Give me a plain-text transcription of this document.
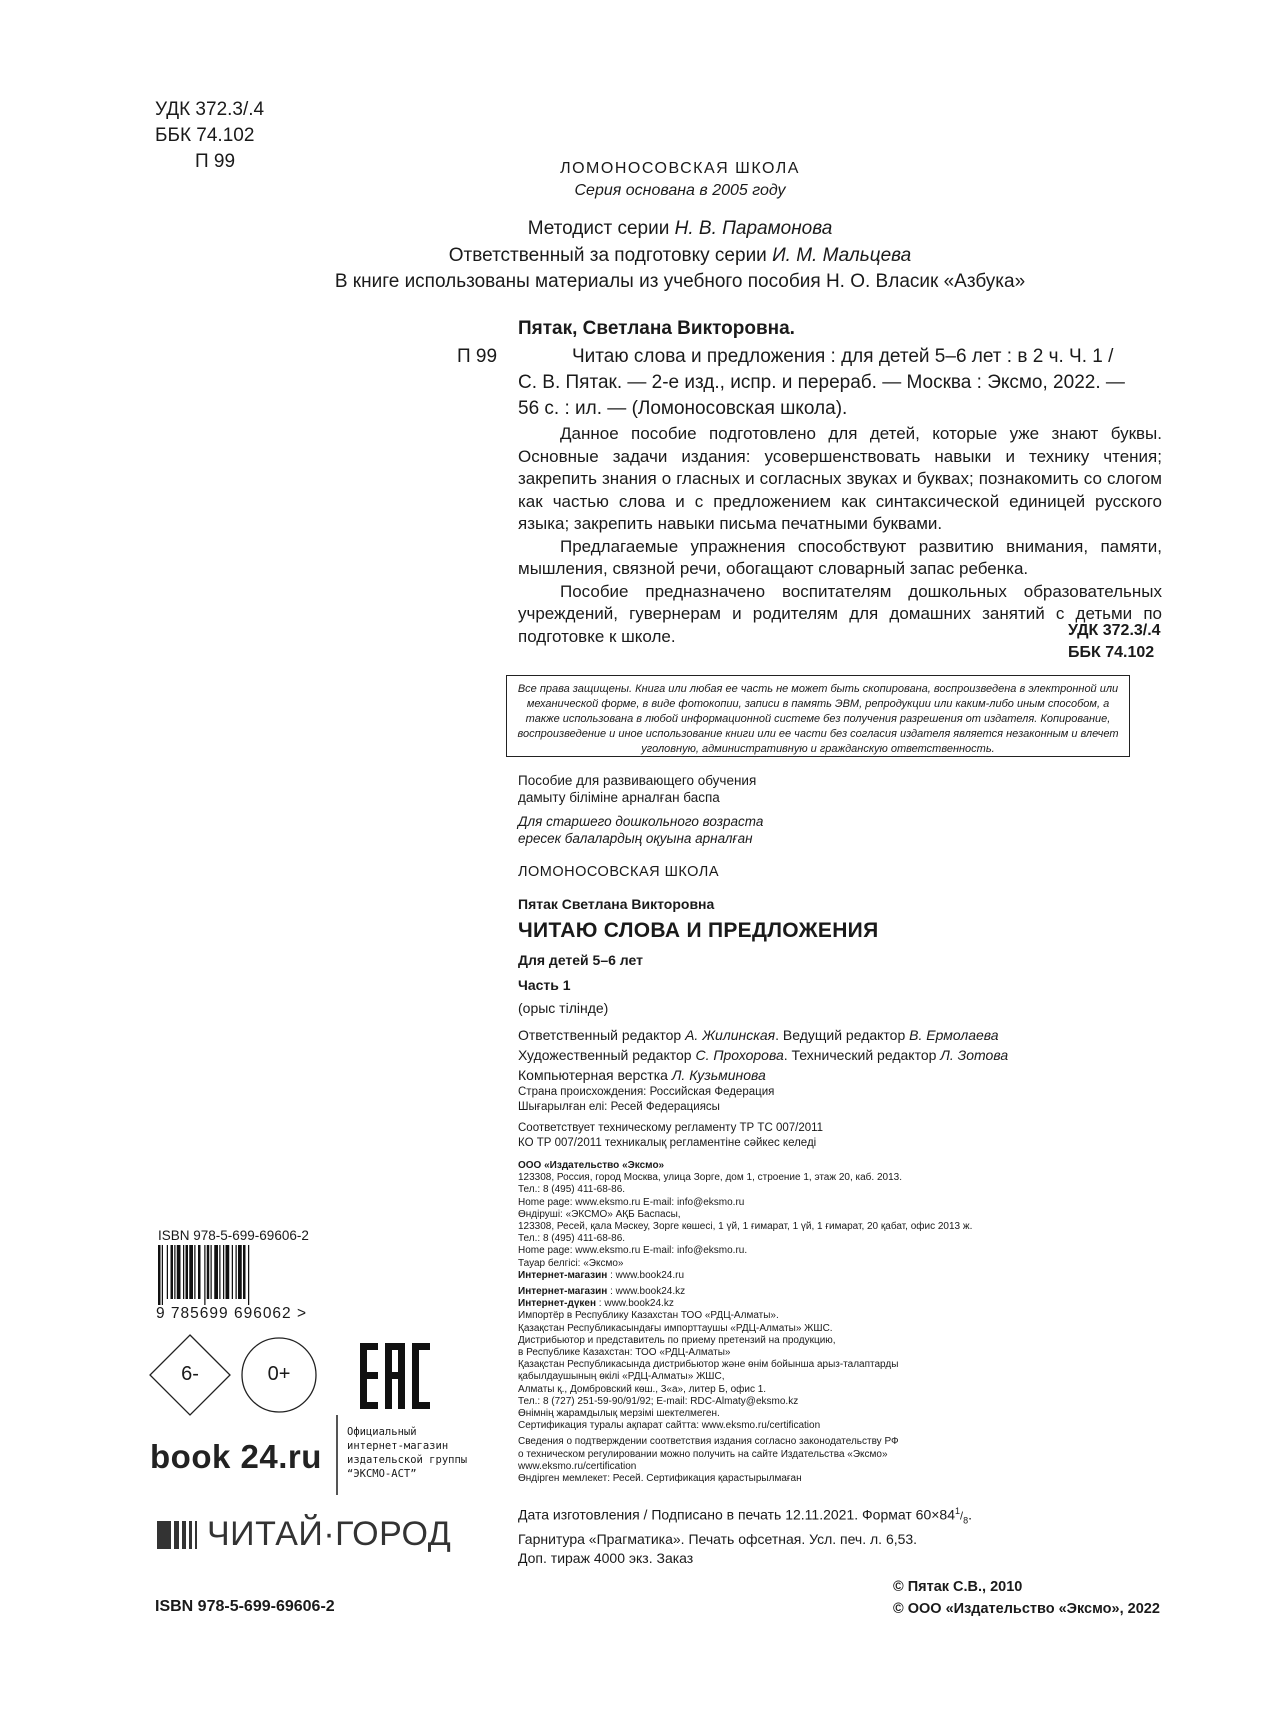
УДК 372.3/.4
ББК 74.102
П 99	ЛОМОНОСОВСКАЯ ШКОЛА
Серия основана в 2005 году
Методист серии Н. В. Парамонова
Ответственный за подготовку серии И. М. Мальцева
В книге использованы материалы из учебного пособия Н. О. Власик «Азбука»
Пятак, Светлана Викторовна.
П 99	Читаю слова и предложения : для детей 5–6 лет : в 2 ч. Ч. 1 /
С. В. Пятак. — 2-е изд., испр. и перераб. — Москва : Эксмо, 2022. —
56 с. : ил. — (Ломоносовская школа).

Данное пособие подготовлено для детей, которые уже знают буквы. Основные задачи издания: усовершенствовать навыки и технику чтения; закрепить знания о гласных и согласных звуках и буквах; познакомить со слогом как частью слова и с предложением как синтаксической единицей русского языка; закрепить навыки письма печатными буквами.

Предлагаемые упражнения способствуют развитию внимания, памяти, мышления, связной речи, обогащают словарный запас ребенка.

Пособие предназначено воспитателям дошкольных образовательных учреждений, гувернерам и родителям для домашних занятий с детьми по подготовке к школе.	УДК 372.3/.4
ББК 74.102
Все права защищены. Книга или любая ее часть не может быть скопирована, воспроизведена в электронной или механической форме, в виде фотокопии, записи в память ЭВМ, репродукции или каким-либо иным способом, а также использована в любой информационной системе без получения разрешения от издателя. Копирование, воспроизведение и иное использование книги или ее части без согласия издателя является незаконным и влечет уголовную, административную и гражданскую ответственность.
Пособие для развивающего обучения
дамыту біліміне арналған баспа
Для старшего дошкольного возраста
ересек балалардың оқуына арналған
ЛОМОНОСОВСКАЯ ШКОЛА
Пятак Светлана Викторовна
ЧИТАЮ СЛОВА И ПРЕДЛОЖЕНИЯ
Для детей 5–6 лет
Часть 1
(орыс тілінде)
Ответственный редактор А. Жилинская. Ведущий редактор В. Ермолаева
Художественный редактор С. Прохорова. Технический редактор Л. Зотова
Компьютерная верстка Л. Кузьминова
Страна происхождения: Российская Федерация
Шығарылған елі: Ресей Федерациясы
Соответствует техническому регламенту ТР ТС 007/2011
КО ТР 007/2011 техникалық регламентіне сәйкес келеді
ООО «Издательство «Эксмо»
123308, Россия, город Москва, улица Зорге, дом 1, строение 1, этаж 20, каб. 2013.
Тел.: 8 (495) 411-68-86.
Home page: www.eksmo.ru E-mail: info@eksmo.ru
Өндіруші: «ЭКСМО» АҚБ Баспасы,
123308, Ресей, қала Мәскеу, Зорге көшесі, 1 үй, 1 ғимарат, 1 үй, 1 ғимарат, 20 қабат, офис 2013 ж.
Тел.: 8 (495) 411-68-86.
Home page: www.eksmo.ru E-mail: info@eksmo.ru.
Тауар белгісі: «Эксмо»
Интернет-магазин : www.book24.ru
Интернет-магазин : www.book24.kz
Интернет-дүкен : www.book24.kz
Импортёр в Республику Казахстан ТОО «РДЦ-Алматы».
Қазақстан Республикасындағы импорттаушы «РДЦ-Алматы» ЖШС.
Дистрибьютор и представитель по приему претензий на продукцию,
в Республике Казахстан: ТОО «РДЦ-Алматы»
Қазақстан Республикасында дистрибьютор және өнім бойынша арыз-талаптарды
қабылдаушының өкілі «РДЦ-Алматы» ЖШС,
Алматы қ., Домбровский көш., 3«а», литер Б, офис 1.
Тел.: 8 (727) 251-59-90/91/92; E-mail: RDC-Almaty@eksmo.kz
Өнімнің жарамдылық мерзімі шектелмеген.
Сертификация туралы ақпарат сайтта: www.eksmo.ru/certification
Сведения о подтверждении соответствия издания согласно законодательству РФ
о техническом регулировании можно получить на сайте Издательства «Эксмо»
www.eksmo.ru/certification
Өндірген мемлекет: Ресей. Сертификация қарастырылмаған
Дата изготовления / Подписано в печать 12.11.2021. Формат $60\times 84^1/_8$.
Гарнитура «Прагматика». Печать офсетная. Усл. печ. л. 6,53.
Доп. тираж 4000 экз. Заказ
ISBN 978-5-699-69606-2
9 785699 696062 >
6-	0+
book 24.ru
Официальный
интернет-магазин
издательской группы
“ЭКСМО-АСТ”
ЧИТАЙ·ГОРОД
ISBN 978-5-699-69606-2
© Пятак С.В., 2010
© ООО «Издательство «Эксмо», 2022
